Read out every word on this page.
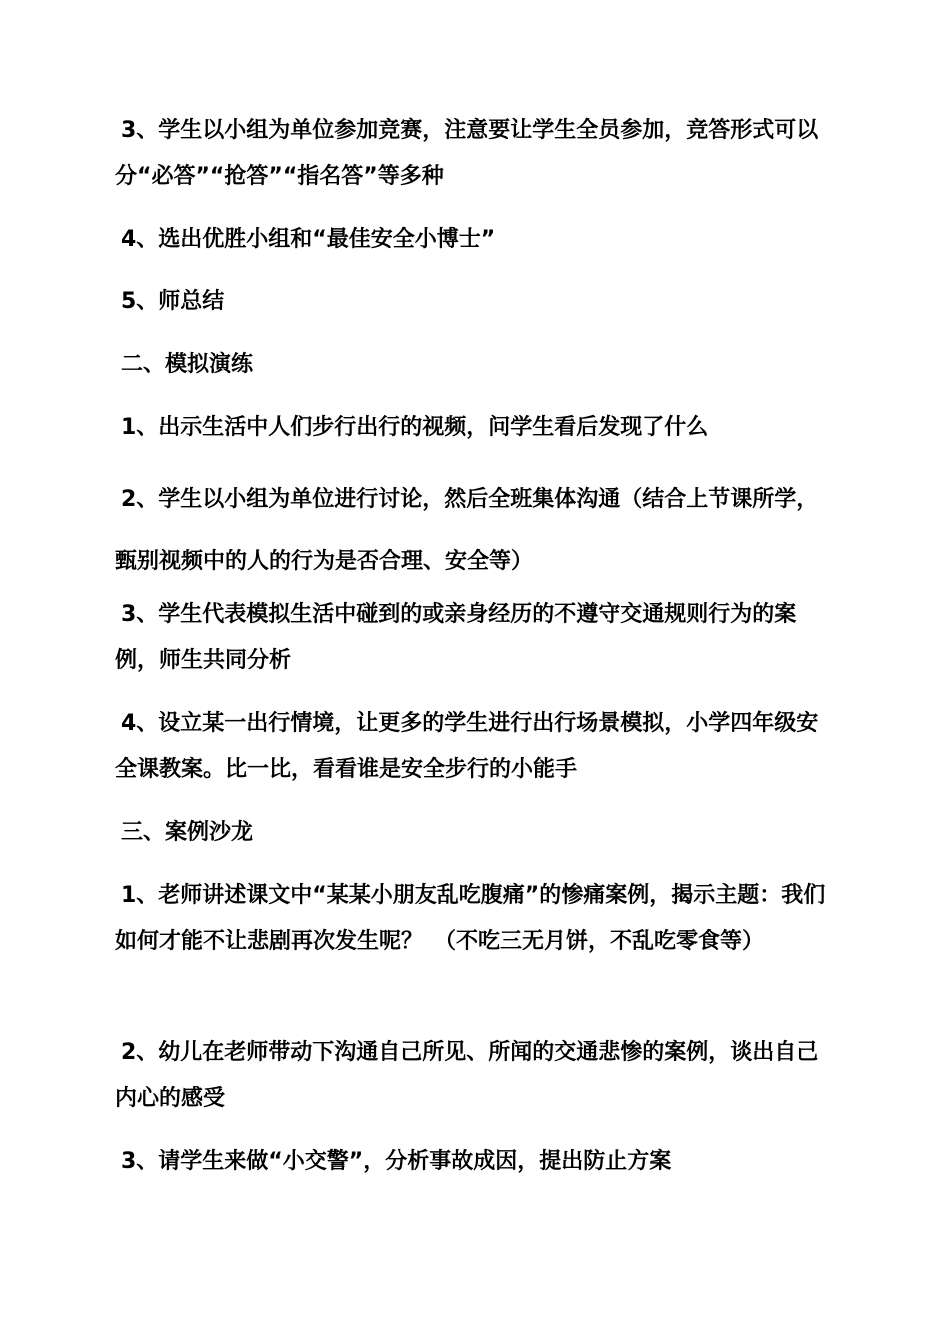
3、学生以小组为单位参加竞赛，注意要让学生全员参加，竞答形式可以分“必答”“抢答”“指名答”等多种

4、选出优胜小组和“最佳安全小博士”

5、师总结

二、模拟演练

1、出示生活中人们步行出行的视频，问学生看后发现了什么

2、学生以小组为单位进行讨论，然后全班集体沟通（结合上节课所学，甄别视频中的人的行为是否合理、安全等）

3、学生代表模拟生活中碰到的或亲身经历的不遵守交通规则行为的案例，师生共同分析

4、设立某一出行情境，让更多的学生进行出行场景模拟，小学四年级安全课教案。比一比，看看谁是安全步行的小能手

三、案例沙龙

1、老师讲述课文中“某某小朋友乱吃腹痛”的惨痛案例，揭示主题：我们如何才能不让悲剧再次发生呢？　（不吃三无月饼，不乱吃零食等）

2、幼儿在老师带动下沟通自己所见、所闻的交通悲惨的案例，谈出自己内心的感受

3、请学生来做“小交警”，分析事故成因，提出防止方案
